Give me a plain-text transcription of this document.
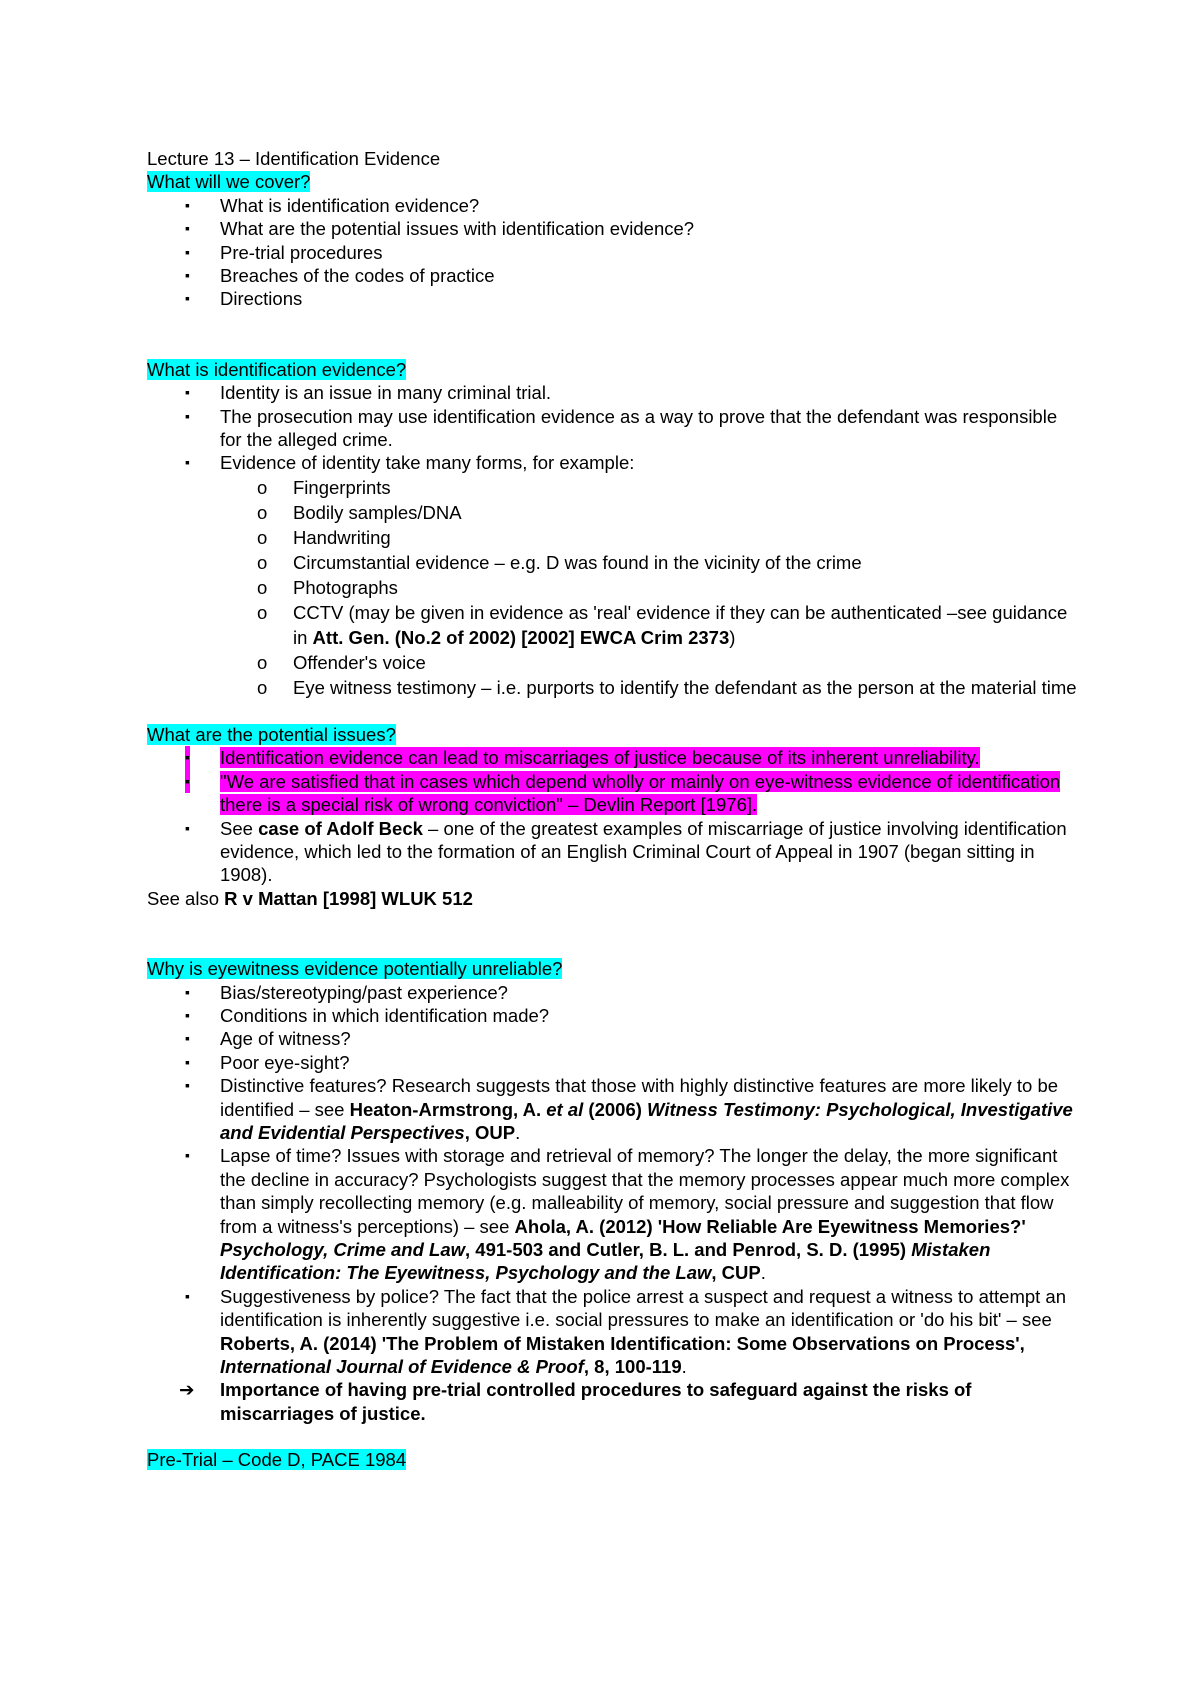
Lecture 13 – Identification Evidence
What will we cover?
▪ What is identification evidence?
▪ What are the potential issues with identification evidence?
▪ Pre-trial procedures
▪ Breaches of the codes of practice
▪ Directions
What is identification evidence?
▪ Identity is an issue in many criminal trial.
▪ The prosecution may use identification evidence as a way to prove that the defendant was responsible for the alleged crime.
▪ Evidence of identity take many forms, for example:
o Fingerprints
o Bodily samples/DNA
o Handwriting
o Circumstantial evidence – e.g. D was found in the vicinity of the crime
o Photographs
o CCTV (may be given in evidence as 'real' evidence if they can be authenticated –see guidance in Att. Gen. (No.2 of 2002) [2002] EWCA Crim 2373)
o Offender's voice
o Eye witness testimony – i.e. purports to identify the defendant as the person at the material time
What are the potential issues?
▪ Identification evidence can lead to miscarriages of justice because of its inherent unreliability.
▪ "We are satisfied that in cases which depend wholly or mainly on eye-witness evidence of identification there is a special risk of wrong conviction" – Devlin Report [1976].
▪ See case of Adolf Beck – one of the greatest examples of miscarriage of justice involving identification evidence, which led to the formation of an English Criminal Court of Appeal in 1907 (began sitting in 1908).
See also R v Mattan [1998] WLUK 512
Why is eyewitness evidence potentially unreliable?
▪ Bias/stereotyping/past experience?
▪ Conditions in which identification made?
▪ Age of witness?
▪ Poor eye-sight?
▪ Distinctive features? Research suggests that those with highly distinctive features are more likely to be identified – see Heaton-Armstrong, A. et al (2006) Witness Testimony: Psychological, Investigative and Evidential Perspectives, OUP.
▪ Lapse of time? Issues with storage and retrieval of memory? The longer the delay, the more significant the decline in accuracy? Psychologists suggest that the memory processes appear much more complex than simply recollecting memory (e.g. malleability of memory, social pressure and suggestion that flow from a witness's perceptions) – see Ahola, A. (2012) 'How Reliable Are Eyewitness Memories?' Psychology, Crime and Law, 491-503 and Cutler, B. L. and Penrod, S. D. (1995) Mistaken Identification: The Eyewitness, Psychology and the Law, CUP.
▪ Suggestiveness by police? The fact that the police arrest a suspect and request a witness to attempt an identification is inherently suggestive i.e. social pressures to make an identification or 'do his bit' – see Roberts, A. (2014) 'The Problem of Mistaken Identification: Some Observations on Process', International Journal of Evidence & Proof, 8, 100-119.
➔ Importance of having pre-trial controlled procedures to safeguard against the risks of miscarriages of justice.
Pre-Trial – Code D, PACE 1984
